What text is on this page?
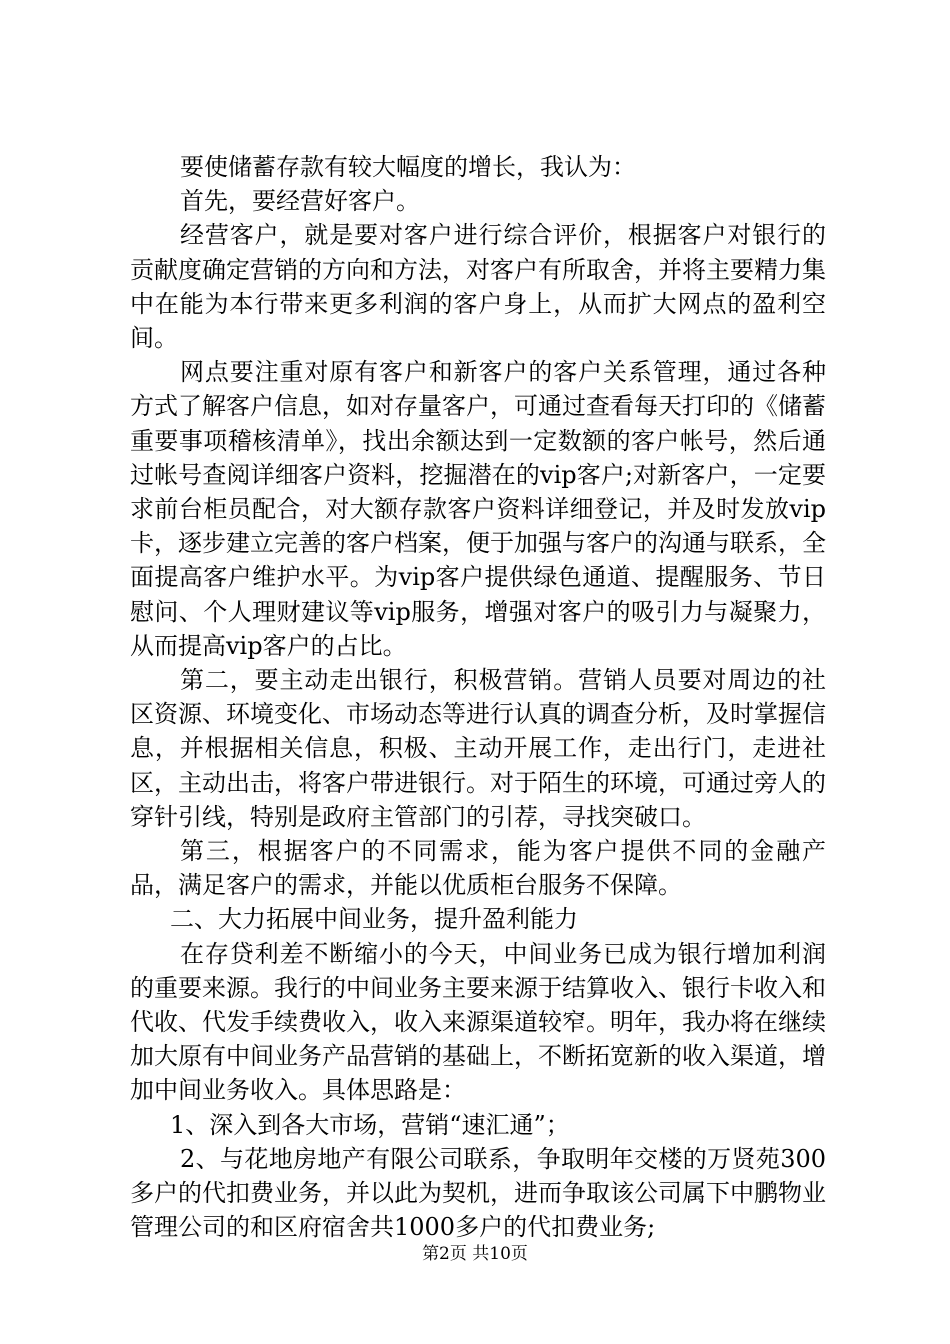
要使储蓄存款有较大幅度的增长，我认为：

首先，要经营好客户。

经营客户，就是要对客户进行综合评价，根据客户对银行的贡献度确定营销的方向和方法，对客户有所取舍，并将主要精力集中在能为本行带来更多利润的客户身上，从而扩大网点的盈利空间。

网点要注重对原有客户和新客户的客户关系管理，通过各种方式了解客户信息，如对存量客户，可通过查看每天打印的《储蓄重要事项稽核清单》，找出余额达到一定数额的客户帐号，然后通过帐号查阅详细客户资料，挖掘潜在的vip客户;对新客户，一定要求前台柜员配合，对大额存款客户资料详细登记，并及时发放vip卡，逐步建立完善的客户档案，便于加强与客户的沟通与联系，全面提高客户维护水平。为vip客户提供绿色通道、提醒服务、节日慰问、个人理财建议等vip服务，增强对客户的吸引力与凝聚力，从而提高vip客户的占比。

第二，要主动走出银行，积极营销。营销人员要对周边的社区资源、环境变化、市场动态等进行认真的调查分析，及时掌握信息，并根据相关信息，积极、主动开展工作，走出行门，走进社区，主动出击，将客户带进银行。对于陌生的环境，可通过旁人的穿针引线，特别是政府主管部门的引荐，寻找突破口。

第三，根据客户的不同需求，能为客户提供不同的金融产品，满足客户的需求，并能以优质柜台服务不保障。

二、大力拓展中间业务，提升盈利能力

在存贷利差不断缩小的今天，中间业务已成为银行增加利润的重要来源。我行的中间业务主要来源于结算收入、银行卡收入和代收、代发手续费收入，收入来源渠道较窄。明年，我办将在继续加大原有中间业务产品营销的基础上，不断拓宽新的收入渠道，增加中间业务收入。具体思路是：

1、深入到各大市场，营销“速汇通”；

2、与花地房地产有限公司联系，争取明年交楼的万贤苑300多户的代扣费业务，并以此为契机，进而争取该公司属下中鹏物业管理公司的和区府宿舍共1000多户的代扣费业务;

第2页 共10页
